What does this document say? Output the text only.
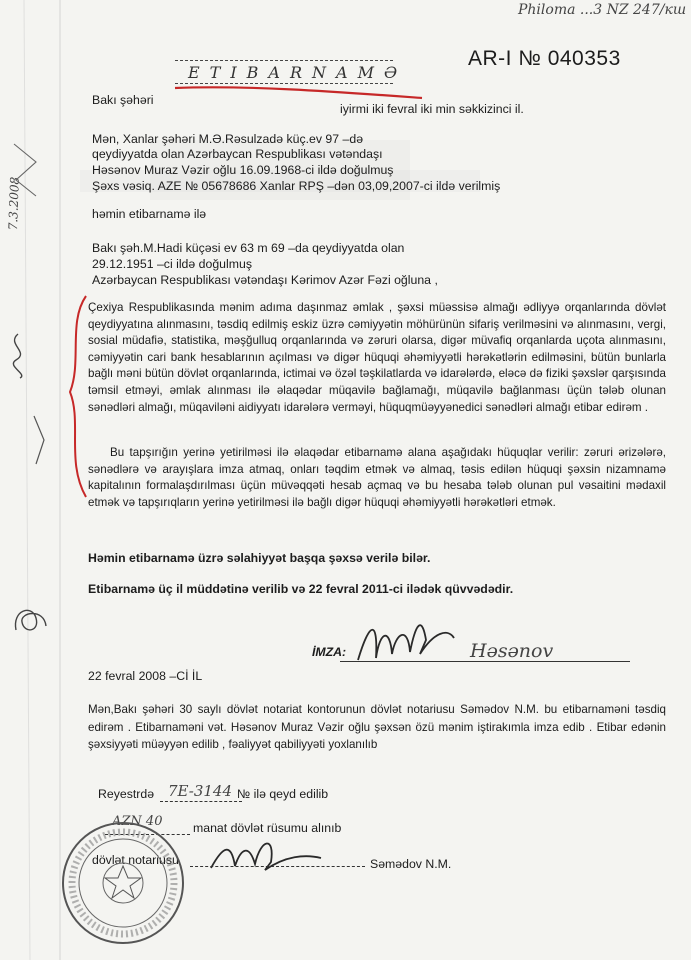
Philoma ...3 NZ 247/кш
AR-I № 040353
ETIBARNAMƏ
Bakı şəhəri
iyirmi iki fevral iki min səkkizinci il.
Mən, Xanlar şəhəri M.Ə.Rəsulzadə küç.ev 97 –də
qeydiyyatda olan Azərbaycan Respublikası vətəndaşı
Həsənov Muraz Vəzir oğlu 16.09.1968-ci ildə doğulmuş
Şəxs vəsiq. AZE № 05678686 Xanlar RPŞ –dən 03,09,2007-ci ildə verilmiş
həmin etibarnamə ilə
Bakı şəh.M.Hadi küçəsi ev 63 m 69 –da qeydiyyatda olan
29.12.1951 –ci ildə doğulmuş
Azərbaycan Respublikası vətəndaşı Kərimov Azər Fəzi oğluna ,
Çexiya Respublikasında mənim adıma daşınmaz əmlak , şəxsi müəssisə almağı ədliyyə orqanlarında dövlət qeydiyyatına alınmasını, təsdiq edilmiş eskiz üzrə cəmiyyətin möhürünün sifariş verilməsini və alınmasını, vergi, sosial müdafiə, statistika, məşğulluq orqanlarında və zəruri olarsa, digər müvafiq orqanlarda uçota alınmasını, cəmiyyətin cari bank hesablarının açılması və digər hüquqi əhəmiyyətli hərəkətlərin edilməsini, bütün bunlarla bağlı məni bütün dövlət orqanlarında, ictimai və özəl təşkilatlarda və idarələrdə, eləcə də fiziki şəxslər qarşısında təmsil etməyi, əmlak alınması ilə əlaqədar müqavilə bağlamağı, müqavilə bağlanması üçün tələb olunan sənədləri almağı, müqaviləni aidiyyatı idarələrə verməyi, hüquqmüəyyənedici sənədləri almağı etibar edirəm .
Bu tapşırığın yerinə yetirilməsi ilə əlaqədar etibarnamə alana aşağıdakı hüquqlar verilir: zəruri ərizələrə, sənədlərə və arayışlara imza atmaq, onları təqdim etmək və almaq, təsis edilən hüquqi şəxsin nizamnamə kapitalının formalaşdırılması üçün müvəqqəti hesab açmaq və bu hesaba tələb olunan pul vəsaitini mədaxil etmək və tapşırıqların yerinə yetirilməsi ilə bağlı digər hüquqi əhəmiyyətli hərəkətləri etmək.
Həmin etibarnamə üzrə səlahiyyət başqa şəxsə verilə bilər.
Etibarnamə üç il müddətinə verilib və 22 fevral 2011-ci ilədək qüvvədədir.
İMZA:	Həsənov
22 fevral 2008 –Cİ İL
Mən,Bakı şəhəri 30 saylı dövlət notariat kontorunun dövlət notariusu Səmədov N.M. bu etibarnaməni təsdiq edirəm . Etibarnaməni vət. Həsənov Muraz Vəzir oğlu şəxsən özü mənim iştirakımla imza edib . Etibar edənin şəxsiyyəti müəyyən edilib , fəaliyyət qabiliyyəti yoxlanılıb
Reyestrdə 7E-3144 № ilə qeyd edilib
AZN 40 manat dövlət rüsumu alınıb
dövlət notariusu	Səmədov N.M.
7.3.2008
